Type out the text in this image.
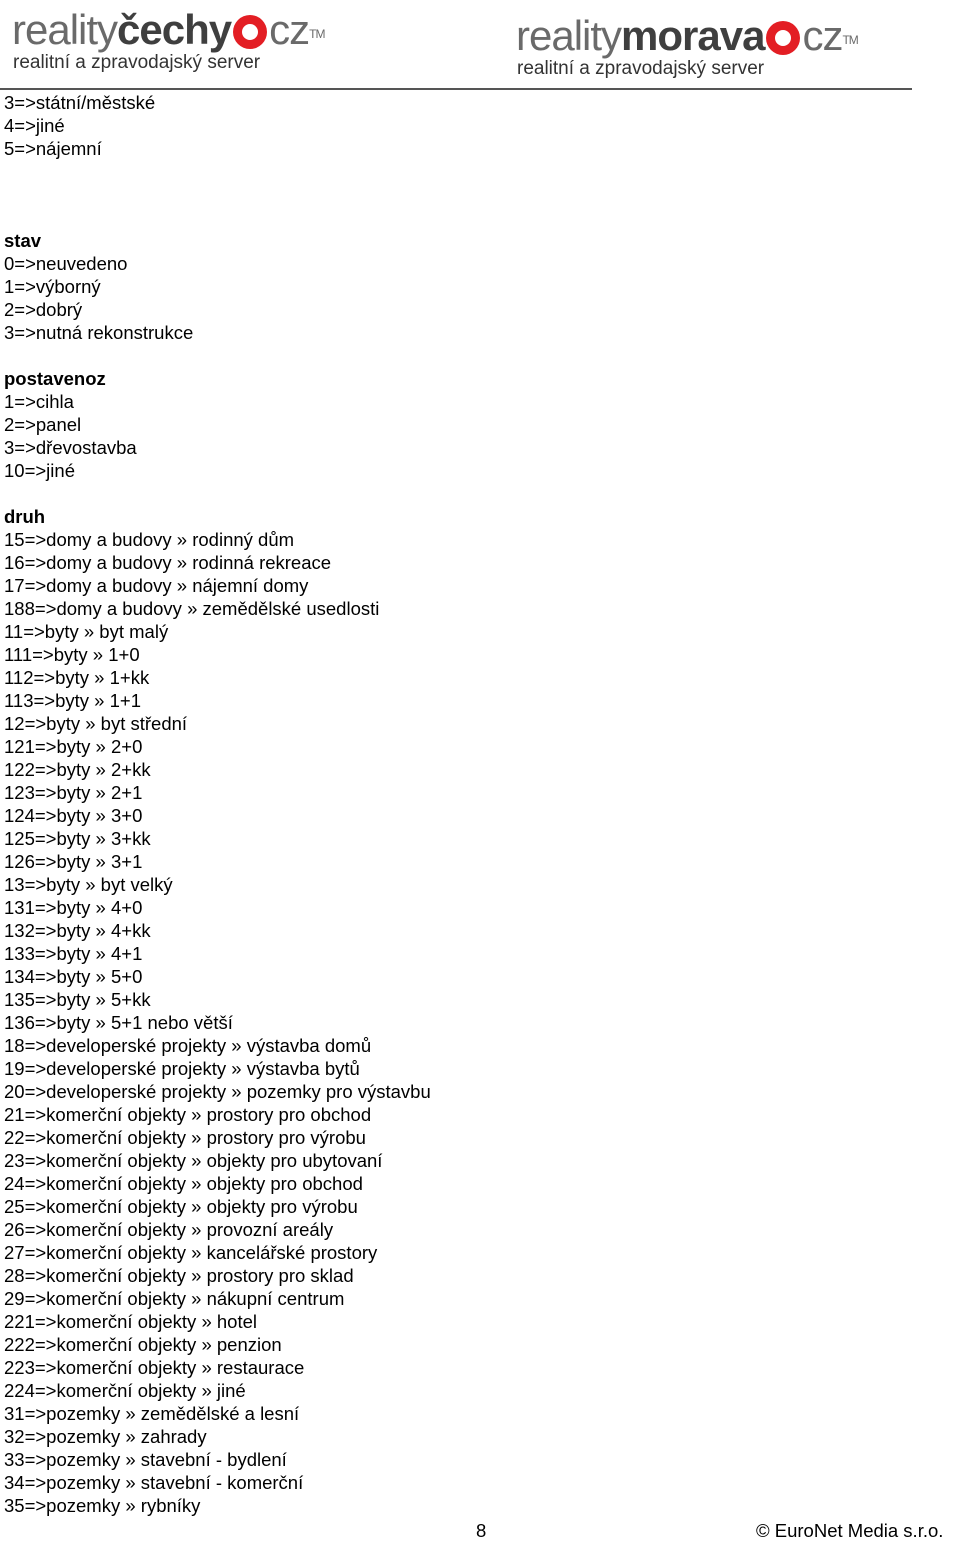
realityčechy cz™
realitní a zpravodajský server
realitymorava cz™
realitní a zpravodajský server
3=>státní/městské
4=>jiné
5=>nájemní
stav
0=>neuvedeno
1=>výborný
2=>dobrý
3=>nutná rekonstrukce
postavenoz
1=>cihla
2=>panel
3=>dřevostavba
10=>jiné
druh
15=>domy a budovy » rodinný dům
16=>domy a budovy » rodinná rekreace
17=>domy a budovy » nájemní domy
188=>domy a budovy » zemědělské usedlosti
11=>byty » byt malý
111=>byty » 1+0
112=>byty » 1+kk
113=>byty » 1+1
12=>byty » byt střední
121=>byty » 2+0
122=>byty » 2+kk
123=>byty » 2+1
124=>byty » 3+0
125=>byty » 3+kk
126=>byty » 3+1
13=>byty » byt velký
131=>byty » 4+0
132=>byty » 4+kk
133=>byty » 4+1
134=>byty » 5+0
135=>byty » 5+kk
136=>byty » 5+1 nebo větší
18=>developerské projekty » výstavba domů
19=>developerské projekty » výstavba bytů
20=>developerské projekty » pozemky pro výstavbu
21=>komerční objekty » prostory pro obchod
22=>komerční objekty » prostory pro výrobu
23=>komerční objekty » objekty pro ubytovaní
24=>komerční objekty » objekty pro obchod
25=>komerční objekty » objekty pro výrobu
26=>komerční objekty » provozní areály
27=>komerční objekty » kancelářské prostory
28=>komerční objekty » prostory pro sklad
29=>komerční objekty » nákupní centrum
221=>komerční objekty » hotel
222=>komerční objekty » penzion
223=>komerční objekty » restaurace
224=>komerční objekty » jiné
31=>pozemky » zemědělské a lesní
32=>pozemky » zahrady
33=>pozemky » stavební - bydlení
34=>pozemky » stavební - komerční
35=>pozemky » rybníky
8	© EuroNet Media s.r.o.
